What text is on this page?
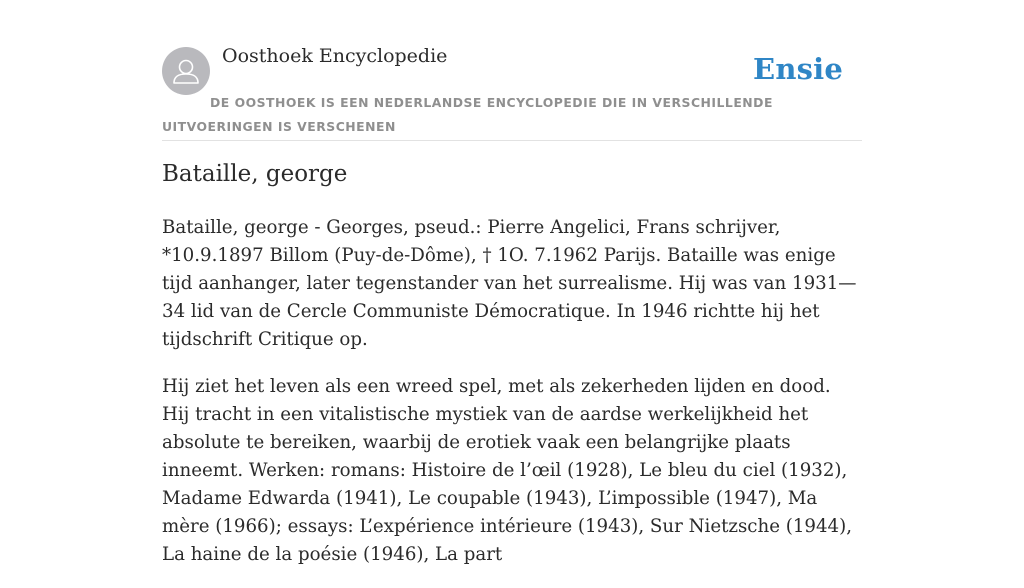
Oosthoek Encyclopedie	Ensie
DE OOSTHOEK IS EEN NEDERLANDSE ENCYCLOPEDIE DIE IN VERSCHILLENDE UITVOERINGEN IS VERSCHENEN
Bataille, george

Bataille, george - Georges, pseud.: Pierre Angelici, Frans schrijver, *10.9.1897 Billom (Puy-de-Dôme), † 1O. 7.1962 Parijs. Bataille was enige tijd aanhanger, later tegenstander van het surrealisme. Hij was van 1931—34 lid van de Cercle Communiste Démocratique. In 1946 richtte hij het tijdschrift Critique op.

Hij ziet het leven als een wreed spel, met als zekerheden lijden en dood. Hij tracht in een vitalistische mystiek van de aardse werkelijkheid het absolute te bereiken, waarbij de erotiek vaak een belangrijke plaats inneemt. Werken: romans: Histoire de l’œil (1928), Le bleu du ciel (1932), Madame Edwarda (1941), Le coupable (1943), L’impossible (1947), Ma mère (1966); essays: L’expérience intérieure (1943), Sur Nietzsche (1944), La haine de la poésie (1946), La part
